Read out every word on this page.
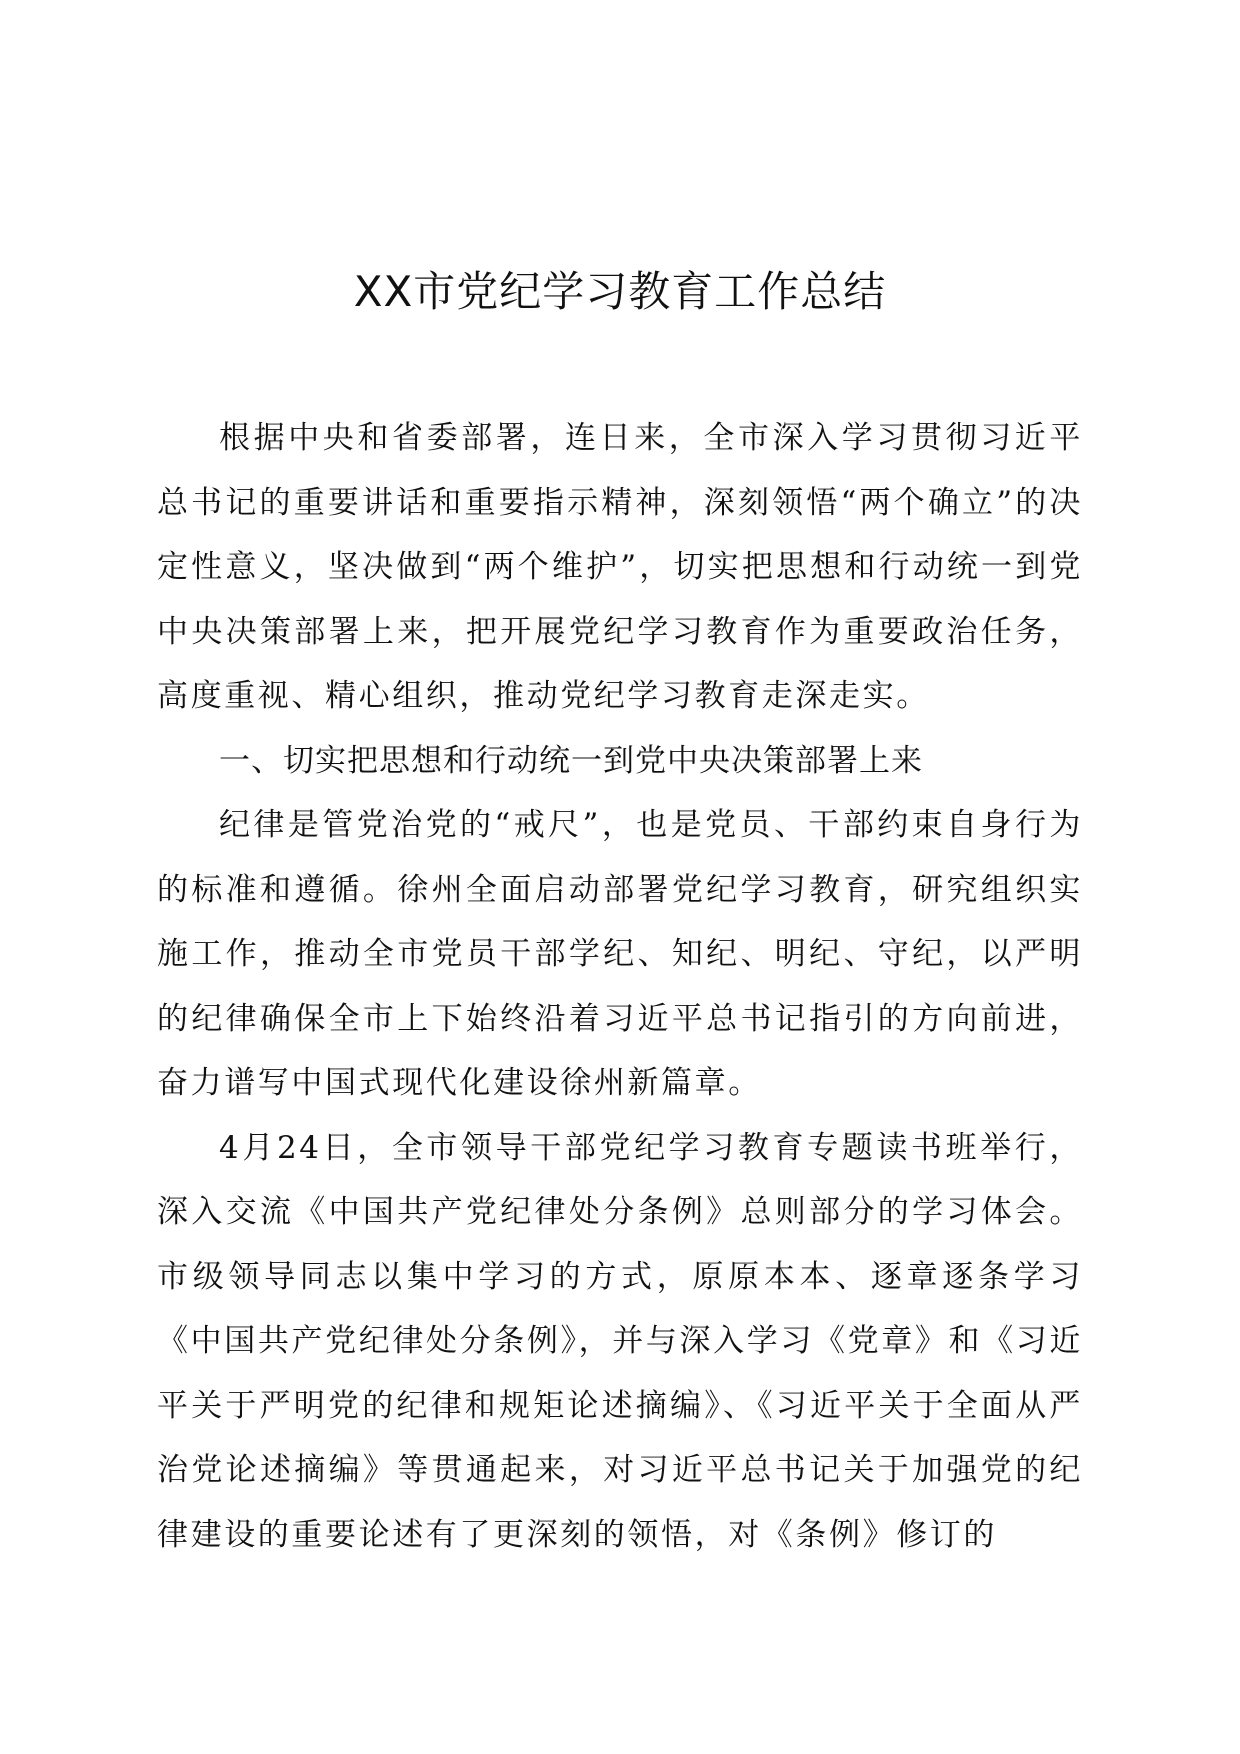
XX市党纪学习教育工作总结

根据中央和省委部署，连日来，全市深入学习贯彻习近平总书记的重要讲话和重要指示精神，深刻领悟“两个确立”的决定性意义，坚决做到“两个维护”，切实把思想和行动统一到党中央决策部署上来，把开展党纪学习教育作为重要政治任务，高度重视、精心组织，推动党纪学习教育走深走实。

一、切实把思想和行动统一到党中央决策部署上来

纪律是管党治党的“戒尺”，也是党员、干部约束自身行为的标准和遵循。徐州全面启动部署党纪学习教育，研究组织实施工作，推动全市党员干部学纪、知纪、明纪、守纪，以严明的纪律确保全市上下始终沿着习近平总书记指引的方向前进，奋力谱写中国式现代化建设徐州新篇章。

4月24日，全市领导干部党纪学习教育专题读书班举行，深入交流《中国共产党纪律处分条例》总则部分的学习体会。市级领导同志以集中学习的方式，原原本本、逐章逐条学习《中国共产党纪律处分条例》，并与深入学习《党章》和《习近平关于严明党的纪律和规矩论述摘编》、《习近平关于全面从严治党论述摘编》等贯通起来，对习近平总书记关于加强党的纪律建设的重要论述有了更深刻的领悟，对《条例》修订的
